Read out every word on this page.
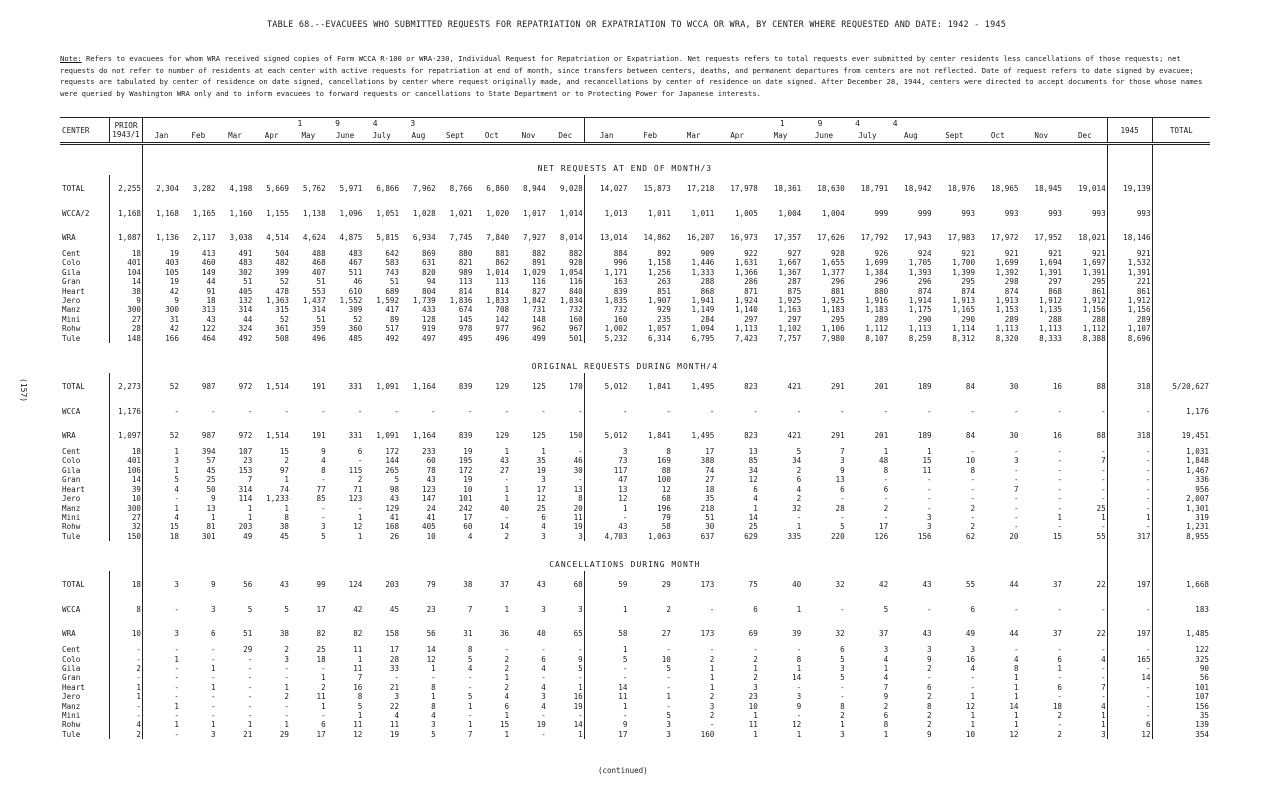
TABLE 68.--EVACUEES WHO SUBMITTED REQUESTS FOR REPATRIATION OR EXPATRIATION TO WCCA OR WRA, BY CENTER WHERE REQUESTED AND DATE: 1942 - 1945
Note: Refers to evacuees for whom WRA received signed copies of Form WCCA R-100 or WRA-230, Individual Request for Repatriation or Expatriation. Net requests refers to total requests ever submitted by center residents less cancellations of those requests; net requests do not refer to number of residents at each center with active requests for repatriation at end of month, since transfers between centers, deaths, and permanent departures from centers are not reflected. Date of request refers to date signed by evacuee; requests are tabulated by center of residence on date signed, cancellations by center where request originally made, and recancellations by center of residence on date signed. After December 28, 1944, centers were directed to accept documents for those whose names were queried by Washington WRA only and to inform evacuees to forward requests or cancellations to State Department or to Protecting Power for Japanese interests.
(157)
CENTER	PRIOR 1943/1	1 9 4 3												1 9 4 4												1945	TOTAL
		Jan	Feb	Mar	Apr	May	June	July	Aug	Sept	Oct	Nov	Dec	Jan	Feb	Mar	Apr	May	June	July	Aug	Sept	Oct	Nov	Dec		
		NET REQUESTS AT END OF MONTH/3																									
TOTAL	2,255	2,304	3,282	4,198	5,669	5,762	5,971	6,866	7,962	8,766	6,860	8,944	9,028	14,027	15,873	17,218	17,978	18,361	18,630	18,791	18,942	18,976	18,965	18,945	19,014	19,139	
WCCA/2	1,168	1,168	1,165	1,160	1,155	1,138	1,096	1,051	1,028	1,021	1,020	1,017	1,014	1,013	1,011	1,011	1,005	1,004	1,004	999	999	993	993	993	993	993	
WRA	1,087	1,136	2,117	3,038	4,514	4,624	4,875	5,815	6,934	7,745	7,840	7,927	8,014	13,014	14,862	16,207	16,973	17,357	17,626	17,792	17,943	17,983	17,972	17,952	18,021	18,146	
Cent	18	19	413	491	504	488	483	642	869	880	881	882	882	884	892	909	922	927	928	926	924	921	921	921	921	921	
Colo	401	403	460	483	482	468	467	583	631	821	862	891	928	996	1,158	1,446	1,631	1,667	1,655	1,699	1,705	1,700	1,699	1,694	1,697	1,532	
Gila	104	105	149	302	399	407	511	743	820	989	1,014	1,029	1,054	1,171	1,256	1,333	1,366	1,367	1,377	1,384	1,393	1,399	1,392	1,391	1,391	1,391	
Gran	14	19	44	51	52	51	46	51	94	113	113	116	116	163	263	288	286	287	296	296	296	295	298	297	295	221	
Heart	38	42	91	405	478	553	610	689	804	814	814	827	840	839	851	868	871	875	881	880	874	874	874	868	861	861	
Jero	9	9	18	132	1,363	1,437	1,552	1,592	1,739	1,836	1,833	1,842	1,834	1,835	1,907	1,941	1,924	1,925	1,925	1,916	1,914	1,913	1,913	1,912	1,912	1,912	
Manz	300	300	313	314	315	314	309	417	433	674	708	731	732	732	929	1,149	1,140	1,163	1,183	1,183	1,175	1,165	1,153	1,135	1,156	1,156	
Mini	27	31	43	44	52	51	52	89	128	145	142	148	160	160	235	284	297	297	295	289	290	290	289	288	288	289	
Rohw	28	42	122	324	361	359	360	517	919	978	977	962	967	1,002	1,057	1,094	1,113	1,102	1,106	1,112	1,113	1,114	1,113	1,113	1,112	1,107	
Tule	148	166	464	492	508	496	485	492	497	495	496	499	501	5,232	6,314	6,795	7,423	7,757	7,980	8,107	8,259	8,312	8,320	8,333	8,388	8,696	
		ORIGINAL REQUESTS DURING MONTH/4																									
TOTAL	2,273	52	987	972	1,514	191	331	1,091	1,164	839	129	125	170	5,012	1,841	1,495	823	421	291	201	189	84	30	16	88	318	5/20,627
WCCA	1,176	-	-	-	-	-	-	-	-	-	-	-	-	-	-	-	-	-	-	-	-	-	-	-	-	-	1,176
WRA	1,097	52	987	972	1,514	191	331	1,091	1,164	839	129	125	150	5,012	1,841	1,495	823	421	291	201	189	84	30	16	88	318	19,451
Cent	18	1	394	107	15	9	6	172	233	19	1	1	-	3	8	17	13	5	7	1	1	-	-	-	-	-	1,031
Colo	401	3	57	23	2	4	-	144	60	195	43	35	46	73	169	388	85	34	3	48	15	10	3	-	7	-	1,848
Gila	106	1	45	153	97	8	115	265	78	172	27	19	30	117	88	74	34	2	9	8	11	8	-	-	-	-	1,467
Gran	14	5	25	7	1	-	2	5	43	19	-	3	-	47	100	27	12	6	13	-	-	-	-	-	-	-	336
Heart	39	4	50	314	74	77	71	98	123	10	1	17	13	13	12	18	6	4	6	6	-	-	7	-	-	-	956
Jero	10	-	9	114	1,233	85	123	43	147	101	1	12	8	12	68	35	4	2	-	-	-	-	-	-	-	-	2,007
Manz	300	1	13	1	1	-	-	129	24	242	40	25	20	1	196	218	1	32	28	2	-	2	-	-	25	-	1,301
Mini	27	4	1	1	8	-	1	41	41	17	-	6	11	-	79	51	14	-	-	-	3	-	-	1	1	1	319
Rohw	32	15	81	203	38	3	12	168	405	60	14	4	19	43	58	30	25	1	5	17	3	2	-	-	-	-	1,231
Tule	150	18	301	49	45	5	1	26	10	4	2	3	3	4,703	1,063	637	629	335	220	126	156	62	20	15	55	317	8,955
		CANCELLATIONS DURING MONTH																									
TOTAL	18	3	9	56	43	99	124	203	79	38	37	43	68	59	29	173	75	40	32	42	43	55	44	37	22	197	1,668
WCCA	8	-	3	5	5	17	42	45	23	7	1	3	3	1	2	-	6	1	-	5	-	6	-	-	-	-	183
WRA	10	3	6	51	38	82	82	158	56	31	36	40	65	58	27	173	69	39	32	37	43	49	44	37	22	197	1,485
Cent	-	-	-	29	2	25	11	17	14	8	-	-	-	1	-	-	-	-	6	3	3	3	-	-	-	-	122
Colo	-	1	-	-	3	18	1	28	12	5	2	6	9	5	10	2	2	8	5	4	9	16	4	6	4	165	325
Gila	2	-	1	-	-	-	11	33	1	4	2	4	5	-	5	1	1	1	3	1	2	4	8	1	-	-	90
Gran	-	-	-	-	-	1	7	-	-	-	1	-	-	-	-	1	2	14	5	4	-	-	1	-	-	14	56
Heart	1	-	1	-	1	2	16	21	8	-	2	4	1	14	-	1	3	-	-	7	6	-	1	6	7	-	101
Jero	1	-	-	-	2	11	8	3	1	5	4	3	16	11	1	2	23	3	-	9	2	1	1	-	-	-	107
Manz	-	1	-	-	-	1	5	22	8	1	6	4	19	1	-	3	10	9	8	2	8	12	14	18	4	-	156
Mini	-	-	-	-	-	-	1	4	4	-	1	-	-	-	5	2	1	-	2	6	2	1	1	2	1	-	35
Rohw	4	1	1	1	1	6	11	11	3	1	15	19	14	9	3	-	11	12	1	8	2	1	1	-	1	6	139
Tule	2	-	3	21	29	17	12	19	5	7	1	-	1	17	3	160	1	1	3	1	9	10	12	2	3	12	354
(continued)
